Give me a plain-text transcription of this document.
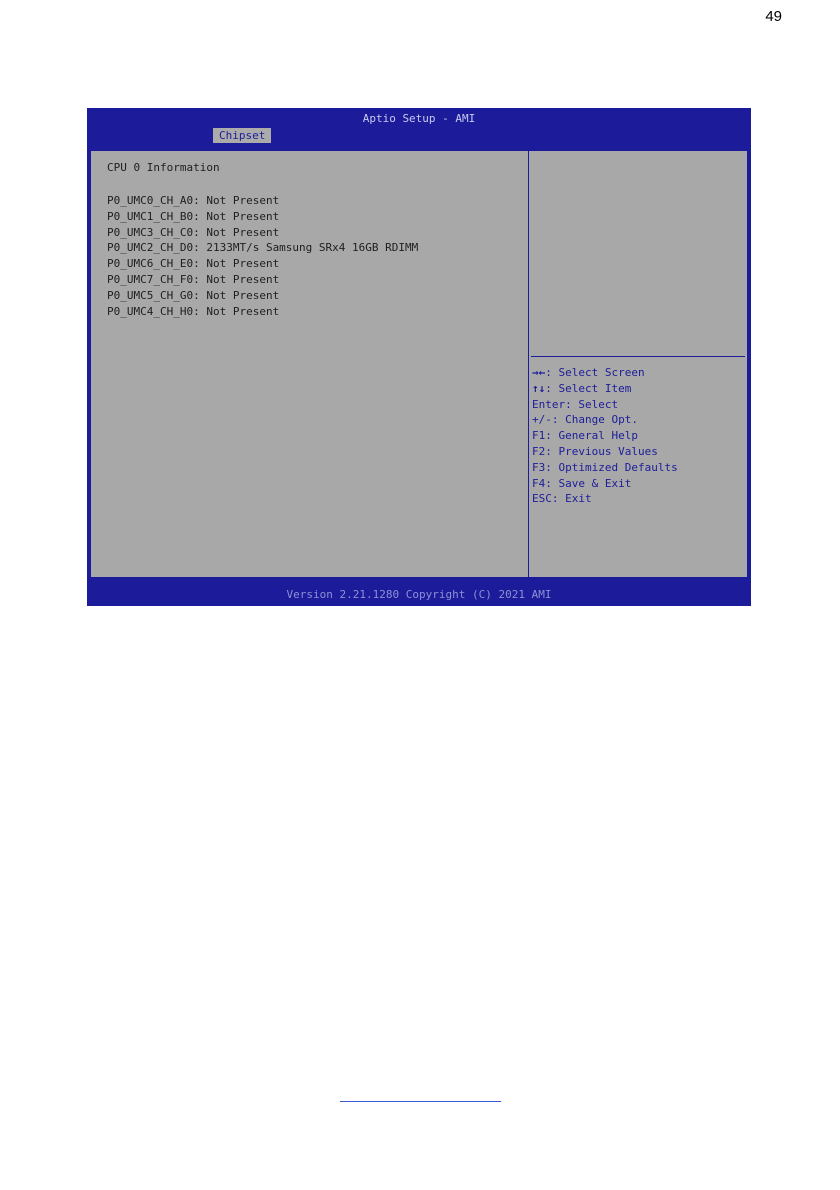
49
Aptio Setup - AMI
Chipset
CPU 0 Information
P0_UMC0_CH_A0: Not Present
P0_UMC1_CH_B0: Not Present
P0_UMC3_CH_C0: Not Present
P0_UMC2_CH_D0: 2133MT/s Samsung SRx4 16GB RDIMM
P0_UMC6_CH_E0: Not Present
P0_UMC7_CH_F0: Not Present
P0_UMC5_CH_G0: Not Present
P0_UMC4_CH_H0: Not Present
→←: Select Screen
↑↓: Select Item
Enter: Select
+/-: Change Opt.
F1: General Help
F2: Previous Values
F3: Optimized Defaults
F4: Save & Exit
ESC: Exit
Version 2.21.1280 Copyright (C) 2021 AMI
